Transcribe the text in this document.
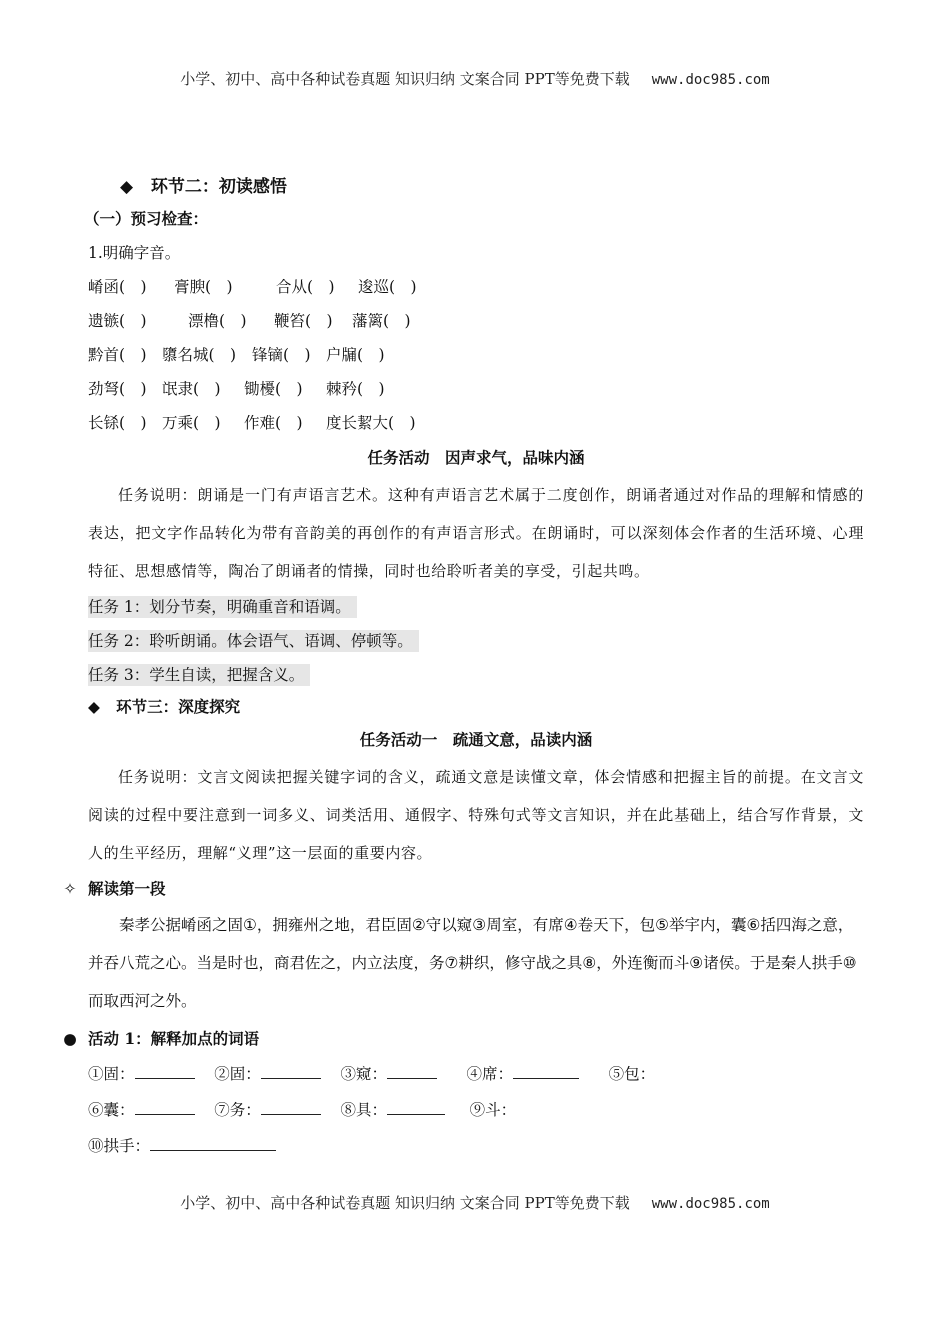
小学、初中、高中各种试卷真题 知识归纳 文案合同 PPT等免费下载 www.doc985.com
◆ 环节二：初读感悟
（一）预习检查：
1.明确字音。
崤函(　) 膏腴(　)	合从(　) 逡巡(　)
遗镞(　)	漂橹(　) 鞭笞(　) 藩篱(　)
黔首(　) 隳名城(　) 锋镝(　) 户牖(　)
劲弩(　) 氓隶(　) 锄櫌(　) 棘矜(　)
长铩(　) 万乘(　) 作难(　) 度长絜大(　)
任务活动　因声求气，品味内涵
任务说明：朗诵是一门有声语言艺术。这种有声语言艺术属于二度创作，朗诵者通过对作品的理解和情感的表达，把文字作品转化为带有音韵美的再创作的有声语言形式。在朗诵时，可以深刻体会作者的生活环境、心理特征、思想感情等，陶冶了朗诵者的情操，同时也给聆听者美的享受，引起共鸣。
任务 1：划分节奏，明确重音和语调。
任务 2：聆听朗诵。体会语气、语调、停顿等。
任务 3：学生自读，把握含义。
◆ 环节三：深度探究
任务活动一　疏通文意，品读内涵
任务说明：文言文阅读把握关键字词的含义，疏通文意是读懂文章，体会情感和把握主旨的前提。在文言文阅读的过程中要注意到一词多义、词类活用、通假字、特殊句式等文言知识，并在此基础上，结合写作背景，文人的生平经历，理解“义理”这一层面的重要内容。
✧ 解读第一段
秦孝公据崤函之固①，拥雍州之地，君臣固②守以窥③周室，有席④卷天下，包⑤举宇内，囊⑥括四海之意，并吞八荒之心。当是时也，商君佐之，内立法度，务⑦耕织，修守战之具⑧，外连衡而斗⑨诸侯。于是秦人拱手⑩而取西河之外。
● 活动 1：解释加点的词语
①固：	②固：	③窥：	④席：	⑤包：
⑥囊：	⑦务：	⑧具：	⑨斗：
⑩拱手：
小学、初中、高中各种试卷真题 知识归纳 文案合同 PPT等免费下载 www.doc985.com
